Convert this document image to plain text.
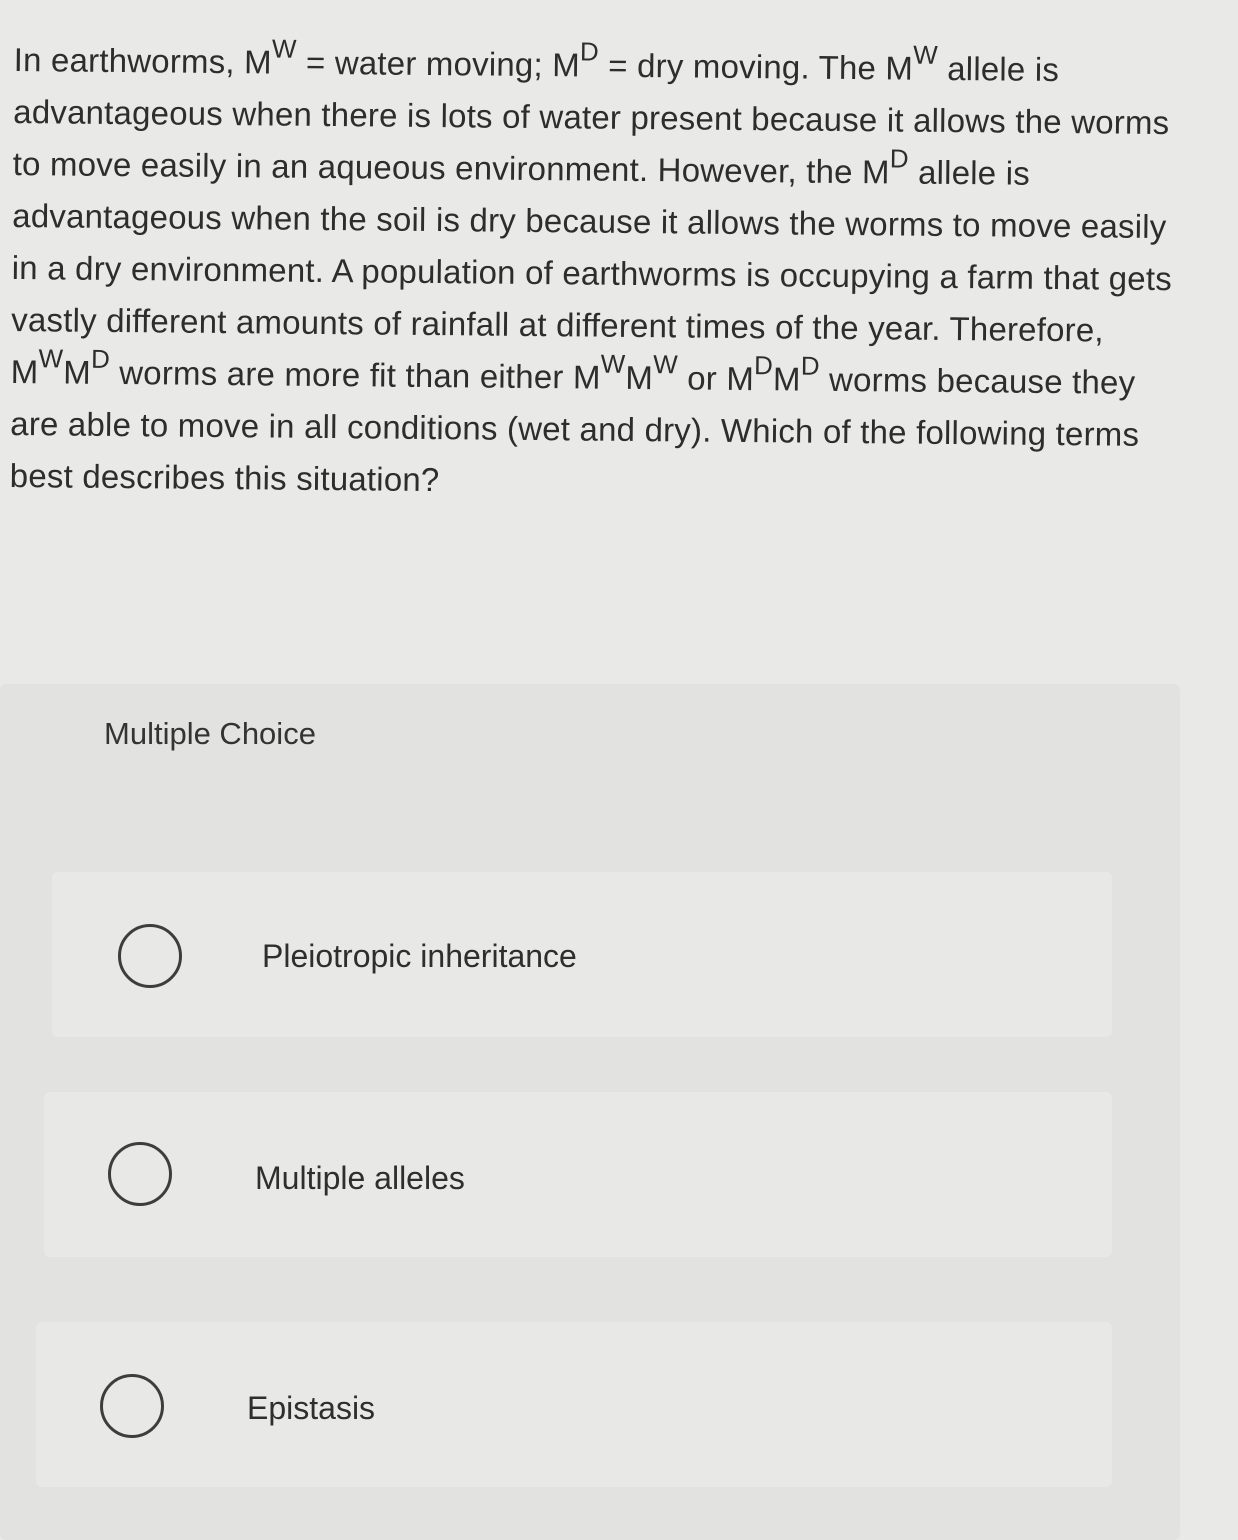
In earthworms, $M^W$ = water moving; $M^D$ = dry moving. The $M^W$ allele is advantageous when there is lots of water present because it allows the worms to move easily in an aqueous environment. However, the $M^D$ allele is advantageous when the soil is dry because it allows the worms to move easily in a dry environment. A population of earthworms is occupying a farm that gets vastly different amounts of rainfall at different times of the year. Therefore, $M^WM^D$ worms are more fit than either $M^WM^W$ or $M^DM^D$ worms because they are able to move in all conditions (wet and dry). Which of the following terms best describes this situation?

Multiple Choice
Pleiotropic inheritance
Multiple alleles
Epistasis
